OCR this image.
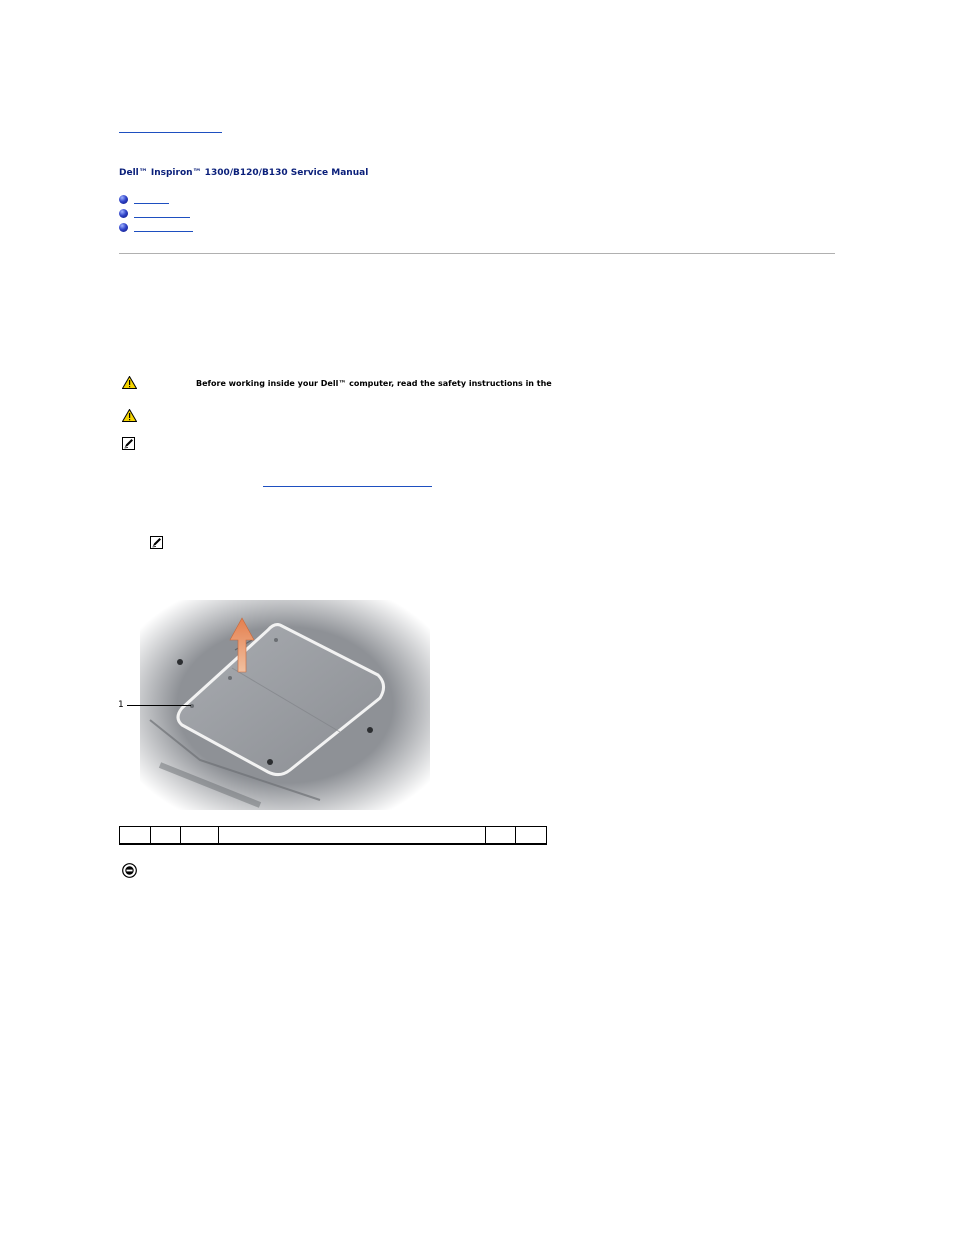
Dell™ Inspiron™ 1300/B120/B130 Service Manual
Before working inside your Dell™ computer, read the safety instructions in the
1
